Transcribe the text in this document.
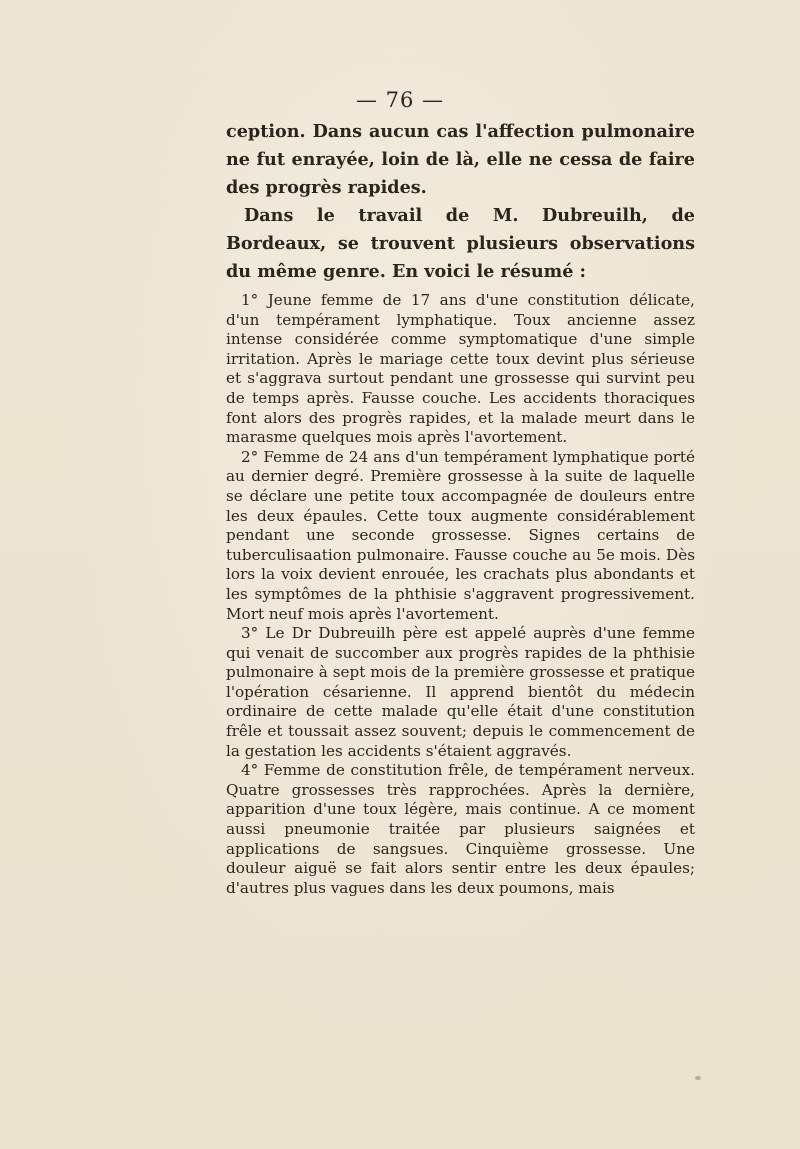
— 76 —

ception. Dans aucun cas l'affection pulmonaire ne fut enrayée, loin de là, elle ne cessa de faire des progrès rapides.

Dans le travail de M. Dubreuilh, de Bordeaux, se trouvent plusieurs observations du même genre. En voici le résumé :

1° Jeune femme de 17 ans d'une constitution délicate, d'un tempérament lymphatique. Toux ancienne assez intense considérée comme symptomatique d'une simple irritation. Après le mariage cette toux devint plus sérieuse et s'aggrava surtout pendant une grossesse qui survint peu de temps après. Fausse couche. Les accidents thoraciques font alors des progrès rapides, et la malade meurt dans le marasme quelques mois après l'avortement.

2° Femme de 24 ans d'un tempérament lymphatique porté au dernier degré. Première grossesse à la suite de laquelle se déclare une petite toux accompagnée de douleurs entre les deux épaules. Cette toux augmente considérablement pendant une seconde grossesse. Signes certains de tuberculisaation pulmonaire. Fausse couche au 5e mois. Dès lors la voix devient enrouée, les crachats plus abondants et les symptômes de la phthisie s'aggravent progressivement. Mort neuf mois après l'avortement.

3° Le Dr Dubreuilh père est appelé auprès d'une femme qui venait de succomber aux progrès rapides de la phthisie pulmonaire à sept mois de la première grossesse et pratique l'opération césarienne. Il apprend bientôt du médecin ordinaire de cette malade qu'elle était d'une constitution frêle et toussait assez souvent; depuis le commencement de la gestation les accidents s'étaient aggravés.

4° Femme de constitution frêle, de tempérament nerveux. Quatre grossesses très rapprochées. Après la dernière, apparition d'une toux légère, mais continue. A ce moment aussi pneumonie traitée par plusieurs saignées et applications de sangsues. Cinquième grossesse. Une douleur aiguë se fait alors sentir entre les deux épaules; d'autres plus vagues dans les deux poumons, mais
